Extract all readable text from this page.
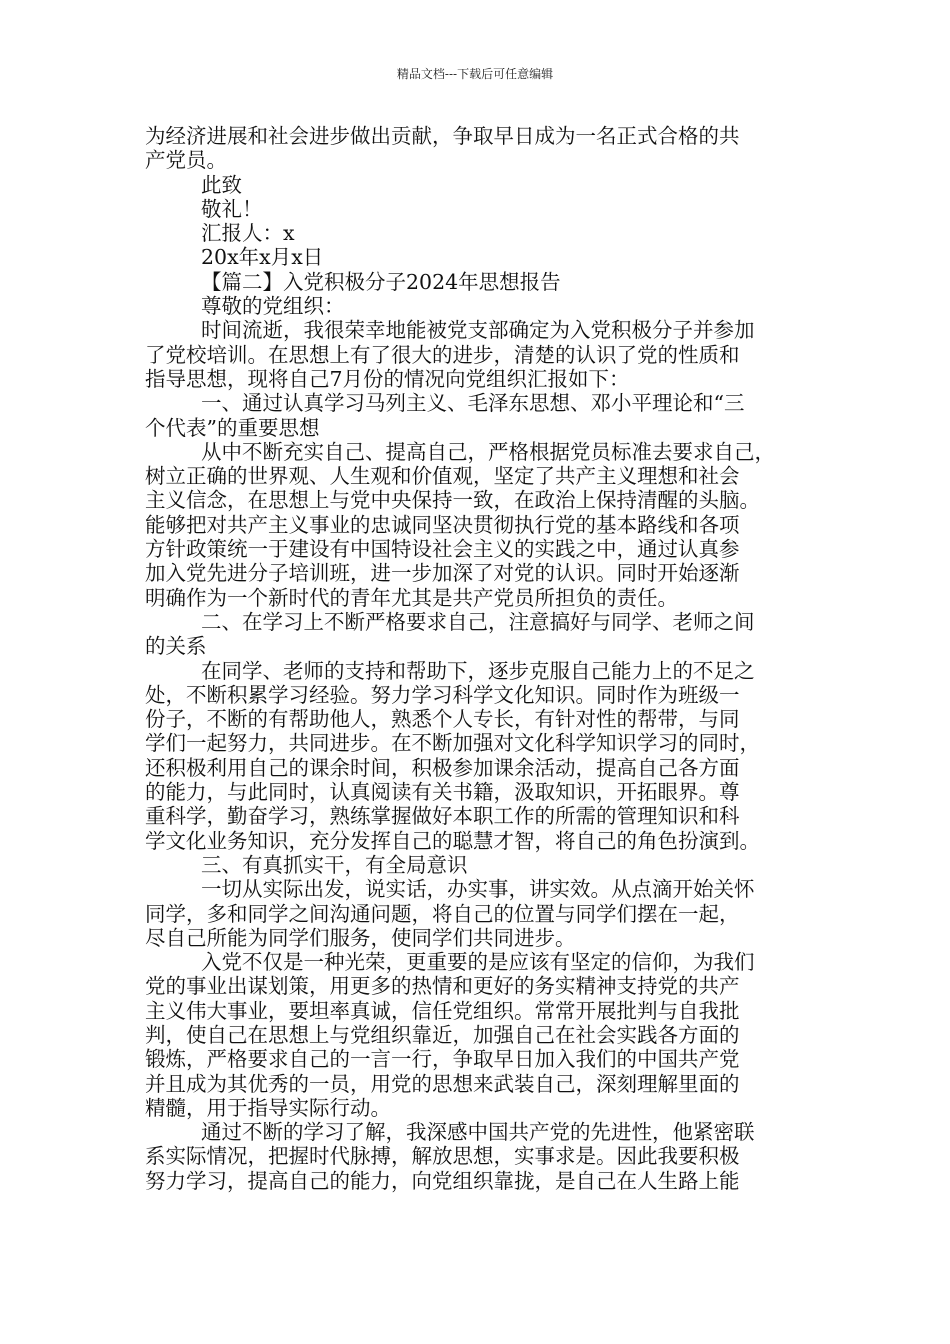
精品文档---下载后可任意编辑
为经济进展和社会进步做出贡献，争取早日成为一名正式合格的共
产党员。
此致
敬礼！
汇报人：x
20x年x月x日
【篇二】入党积极分子2024年思想报告
尊敬的党组织：
时间流逝，我很荣幸地能被党支部确定为入党积极分子并参加
了党校培训。在思想上有了很大的进步，清楚的认识了党的性质和
指导思想，现将自己7月份的情况向党组织汇报如下：
一、通过认真学习马列主义、毛泽东思想、邓小平理论和“三
个代表”的重要思想
从中不断充实自己、提高自己，严格根据党员标准去要求自己，
树立正确的世界观、人生观和价值观，坚定了共产主义理想和社会
主义信念，在思想上与党中央保持一致，在政治上保持清醒的头脑。
能够把对共产主义事业的忠诚同坚决贯彻执行党的基本路线和各项
方针政策统一于建设有中国特设社会主义的实践之中，通过认真参
加入党先进分子培训班，进一步加深了对党的认识。同时开始逐渐
明确作为一个新时代的青年尤其是共产党员所担负的责任。
二、在学习上不断严格要求自己，注意搞好与同学、老师之间
的关系
在同学、老师的支持和帮助下，逐步克服自己能力上的不足之
处，不断积累学习经验。努力学习科学文化知识。同时作为班级一
份子，不断的有帮助他人，熟悉个人专长，有针对性的帮带，与同
学们一起努力，共同进步。在不断加强对文化科学知识学习的同时，
还积极利用自己的课余时间，积极参加课余活动，提高自己各方面
的能力，与此同时，认真阅读有关书籍，汲取知识，开拓眼界。尊
重科学，勤奋学习，熟练掌握做好本职工作的所需的管理知识和科
学文化业务知识，充分发挥自己的聪慧才智，将自己的角色扮演到。
三、有真抓实干，有全局意识
一切从实际出发，说实话，办实事，讲实效。从点滴开始关怀
同学，多和同学之间沟通问题，将自己的位置与同学们摆在一起，
尽自己所能为同学们服务，使同学们共同进步。
入党不仅是一种光荣，更重要的是应该有坚定的信仰，为我们
党的事业出谋划策，用更多的热情和更好的务实精神支持党的共产
主义伟大事业，要坦率真诚，信任党组织。常常开展批判与自我批
判，使自己在思想上与党组织靠近，加强自己在社会实践各方面的
锻炼，严格要求自己的一言一行，争取早日加入我们的中国共产党
并且成为其优秀的一员，用党的思想来武装自己，深刻理解里面的
精髓，用于指导实际行动。
通过不断的学习了解，我深感中国共产党的先进性，他紧密联
系实际情况，把握时代脉搏，解放思想，实事求是。因此我要积极
努力学习，提高自己的能力，向党组织靠拢，是自己在人生路上能
